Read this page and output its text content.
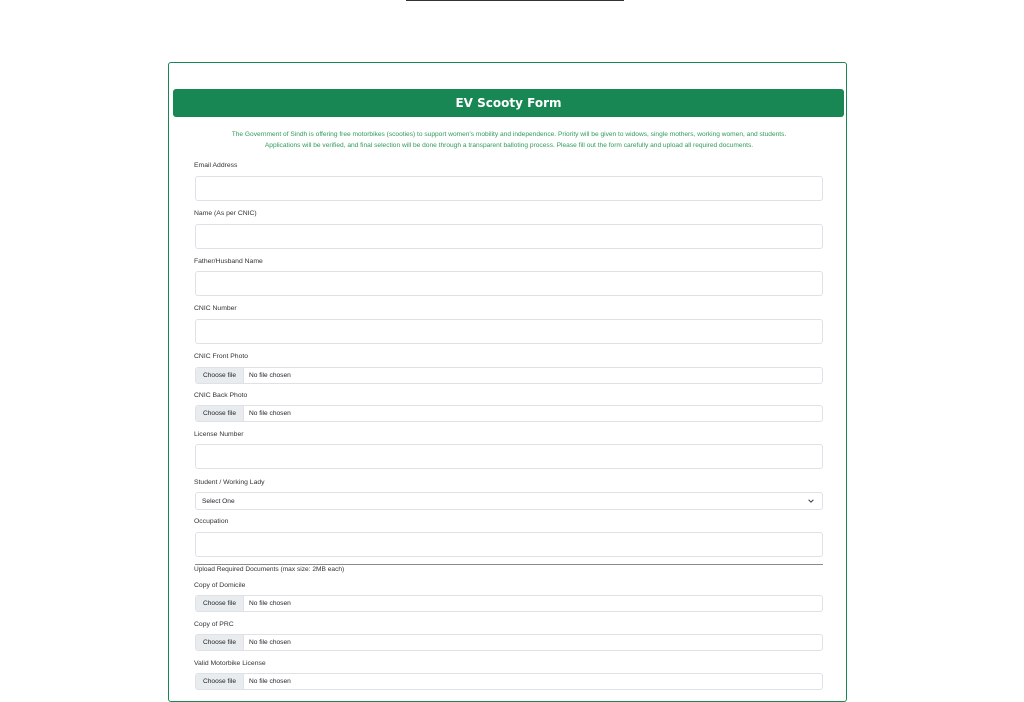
EV Scooty Form
The Government of Sindh is offering free motorbikes (scooties) to support women's mobility and independence. Priority will be given to widows, single mothers, working women, and students.
Applications will be verified, and final selection will be done through a transparent balloting process. Please fill out the form carefully and upload all required documents.
Email Address
Name (As per CNIC)
Father/Husband Name
CNIC Number
CNIC Front Photo
Choose file	No file chosen
CNIC Back Photo
Choose file	No file chosen
License Number
Student / Working Lady
Select One
Occupation
Upload Required Documents (max size: 2MB each)
Copy of Domicile
Choose file	No file chosen
Copy of PRC
Choose file	No file chosen
Valid Motorbike License
Choose file	No file chosen
